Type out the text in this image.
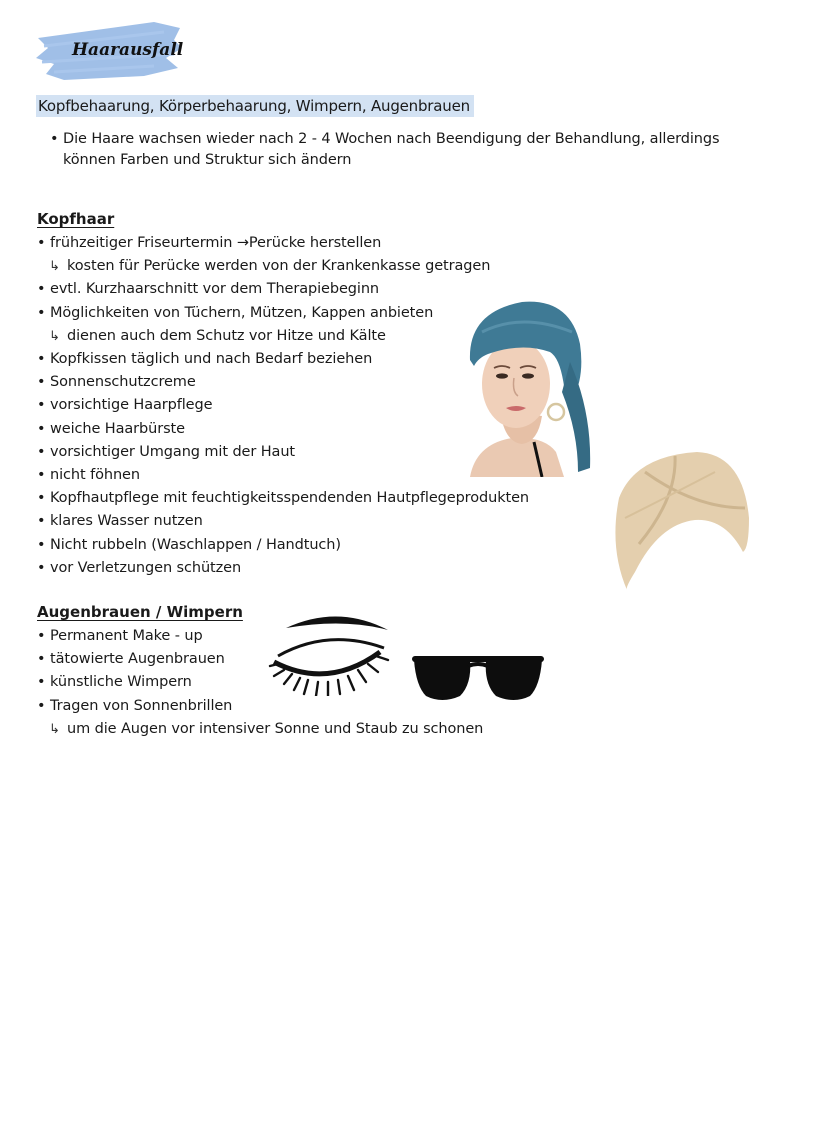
Haarausfall
Kopfbehaarung, Körperbehaarung, Wimpern, Augenbrauen
• Die Haare wachsen wieder nach 2 - 4 Wochen nach Beendigung der Behandlung, allerdings
können Farben und Struktur sich ändern
Kopfhaar
• frühzeitiger Friseurtermin →Perücke herstellen
↳ kosten für Perücke werden von der Krankenkasse getragen
• evtl. Kurzhaarschnitt vor dem Therapiebeginn
• Möglichkeiten von Tüchern, Mützen, Kappen anbieten
↳ dienen auch dem Schutz vor Hitze und Kälte
• Kopfkissen täglich und nach Bedarf beziehen
• Sonnenschutzcreme
• vorsichtige Haarpflege
• weiche Haarbürste
• vorsichtiger Umgang mit der Haut
• nicht föhnen
• Kopfhautpflege mit feuchtigkeitsspendenden Hautpflegeprodukten
• klares Wasser nutzen
• Nicht rubbeln (Waschlappen / Handtuch)
• vor Verletzungen schützen
Augenbrauen / Wimpern
• Permanent Make - up
• tätowierte Augenbrauen
• künstliche Wimpern
• Tragen von Sonnenbrillen
↳ um die Augen vor intensiver Sonne und Staub zu schonen
